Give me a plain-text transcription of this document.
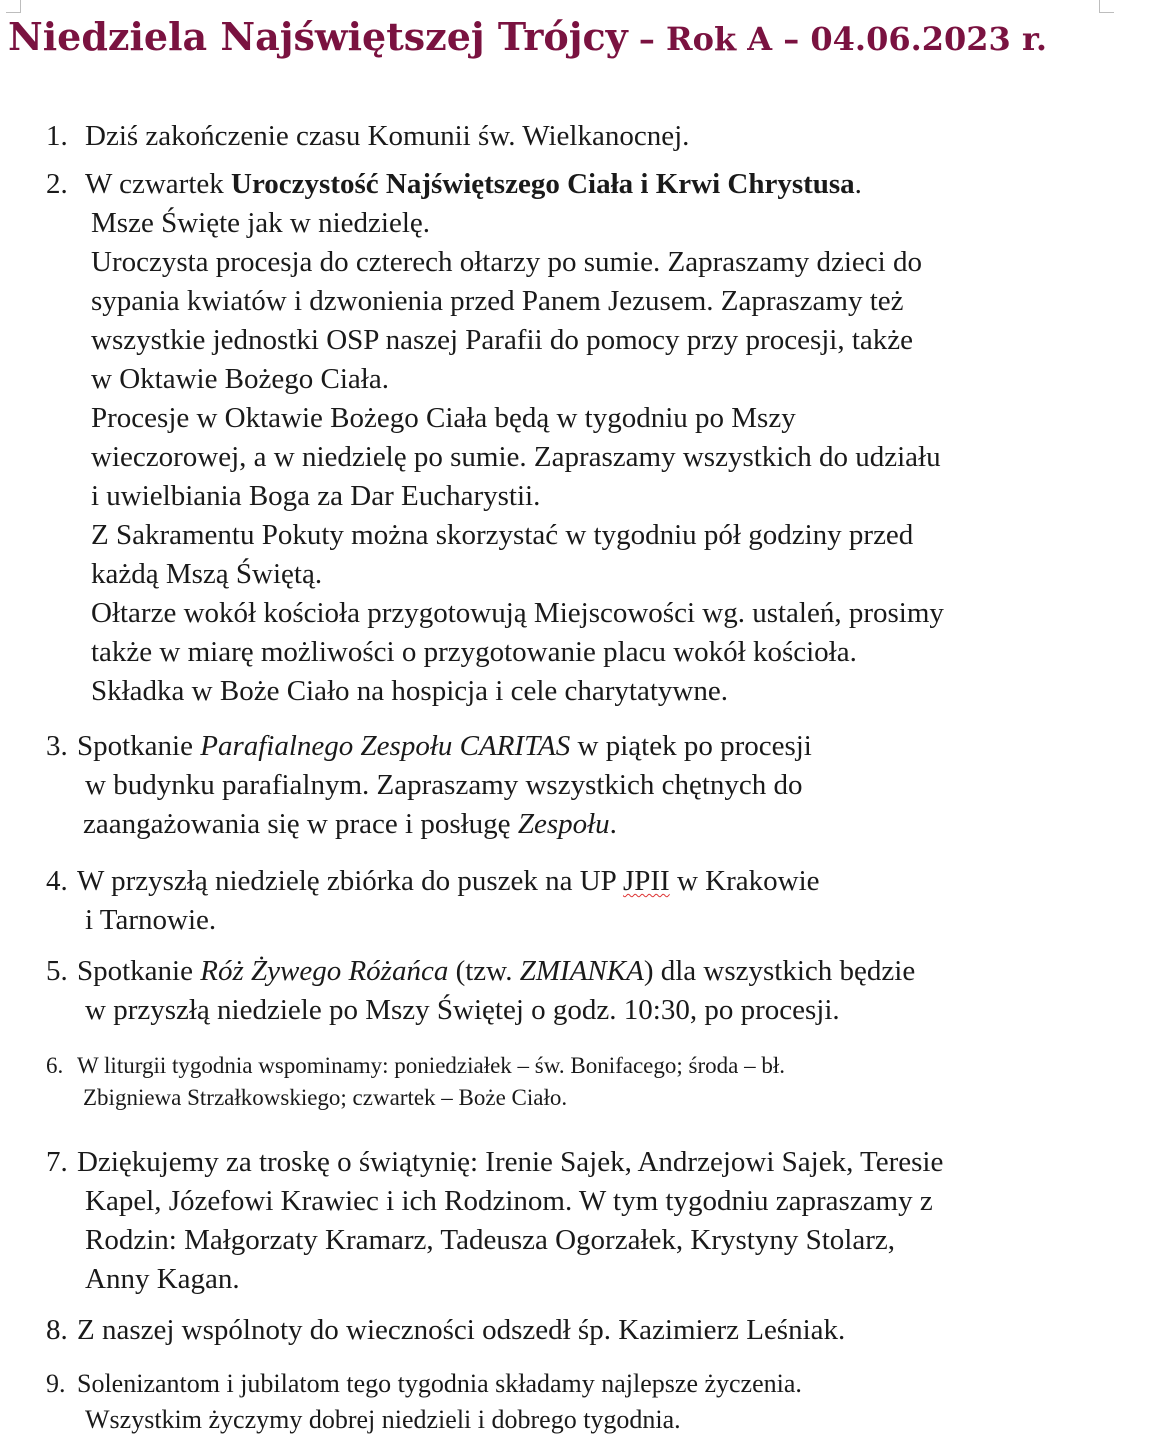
Niedziela Najświętszej Trójcy – Rok A – 04.06.2023 r.
1. Dziś zakończenie czasu Komunii św. Wielkanocnej.
2. W czwartek Uroczystość Najświętszego Ciała i Krwi Chrystusa.
Msze Święte jak w niedzielę.
Uroczysta procesja do czterech ołtarzy po sumie. Zapraszamy dzieci do
sypania kwiatów i dzwonienia przed Panem Jezusem. Zapraszamy też
wszystkie jednostki OSP naszej Parafii do pomocy przy procesji, także
w Oktawie Bożego Ciała.
Procesje w Oktawie Bożego Ciała będą w tygodniu po Mszy
wieczorowej, a w niedzielę po sumie. Zapraszamy wszystkich do udziału
i uwielbiania Boga za Dar Eucharystii.
Z Sakramentu Pokuty można skorzystać w tygodniu pół godziny przed
każdą Mszą Świętą.
Ołtarze wokół kościoła przygotowują Miejscowości wg. ustaleń, prosimy
także w miarę możliwości o przygotowanie placu wokół kościoła.
Składka w Boże Ciało na hospicja i cele charytatywne.
3. Spotkanie Parafialnego Zespołu CARITAS w piątek po procesji
w budynku parafialnym. Zapraszamy wszystkich chętnych do
zaangażowania się w prace i posługę Zespołu.
4. W przyszłą niedzielę zbiórka do puszek na UP JPII w Krakowie
i Tarnowie.
5. Spotkanie Róż Żywego Różańca (tzw. ZMIANKA) dla wszystkich będzie
w przyszłą niedziele po Mszy Świętej o godz. 10:30, po procesji.
6. W liturgii tygodnia wspominamy: poniedziałek – św. Bonifacego; środa – bł.
Zbigniewa Strzałkowskiego; czwartek – Boże Ciało.
7. Dziękujemy za troskę o świątynię: Irenie Sajek, Andrzejowi Sajek, Teresie
Kapel, Józefowi Krawiec i ich Rodzinom. W tym tygodniu zapraszamy z
Rodzin: Małgorzaty Kramarz, Tadeusza Ogorzałek, Krystyny Stolarz,
Anny Kagan.
8. Z naszej wspólnoty do wieczności odszedł śp. Kazimierz Leśniak.
9. Solenizantom i jubilatom tego tygodnia składamy najlepsze życzenia.
Wszystkim życzymy dobrej niedzieli i dobrego tygodnia.
